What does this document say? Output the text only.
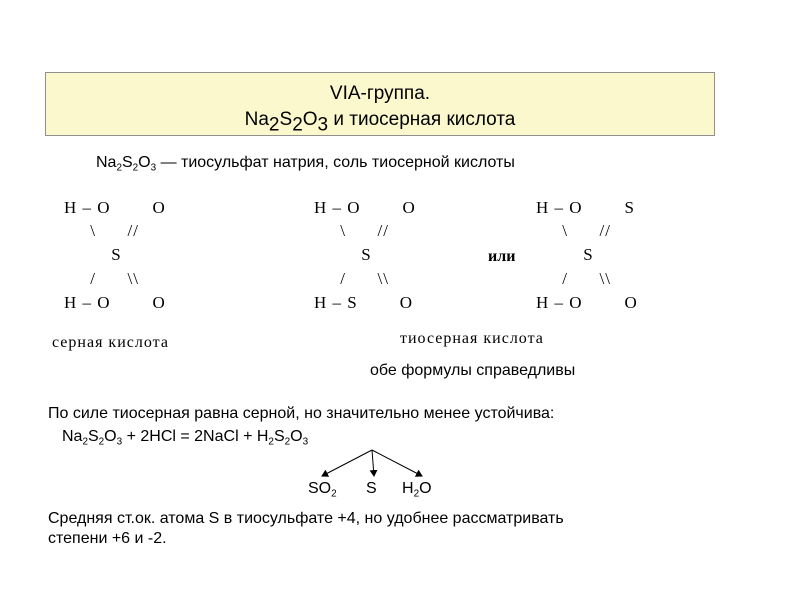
VIA-группа.
Na2S2O3 и тиосерная кислота
$Na_2S_2O_3$ — тиосульфат натрия, соль тиосерной кислоты
H – O        O
\      //
S
/      \\
H – O        O
серная кислота
H – O        O
\      //
S
/      \\
H – S        O
или
H – O        S
\      //
S
/      \\
H – O        O
тиосерная кислота
обе формулы справедливы
По силе тиосерная равна серной, но значительно менее устойчива:
$Na_2S_2O_3 + 2HCl$ = 2NaCl + $H_2S_2O_3$
$SO_2$ S $H_2O$
Средняя ст.ок. атома S в тиосульфате +4, но удобнее рассматривать
степени +6 и -2.
